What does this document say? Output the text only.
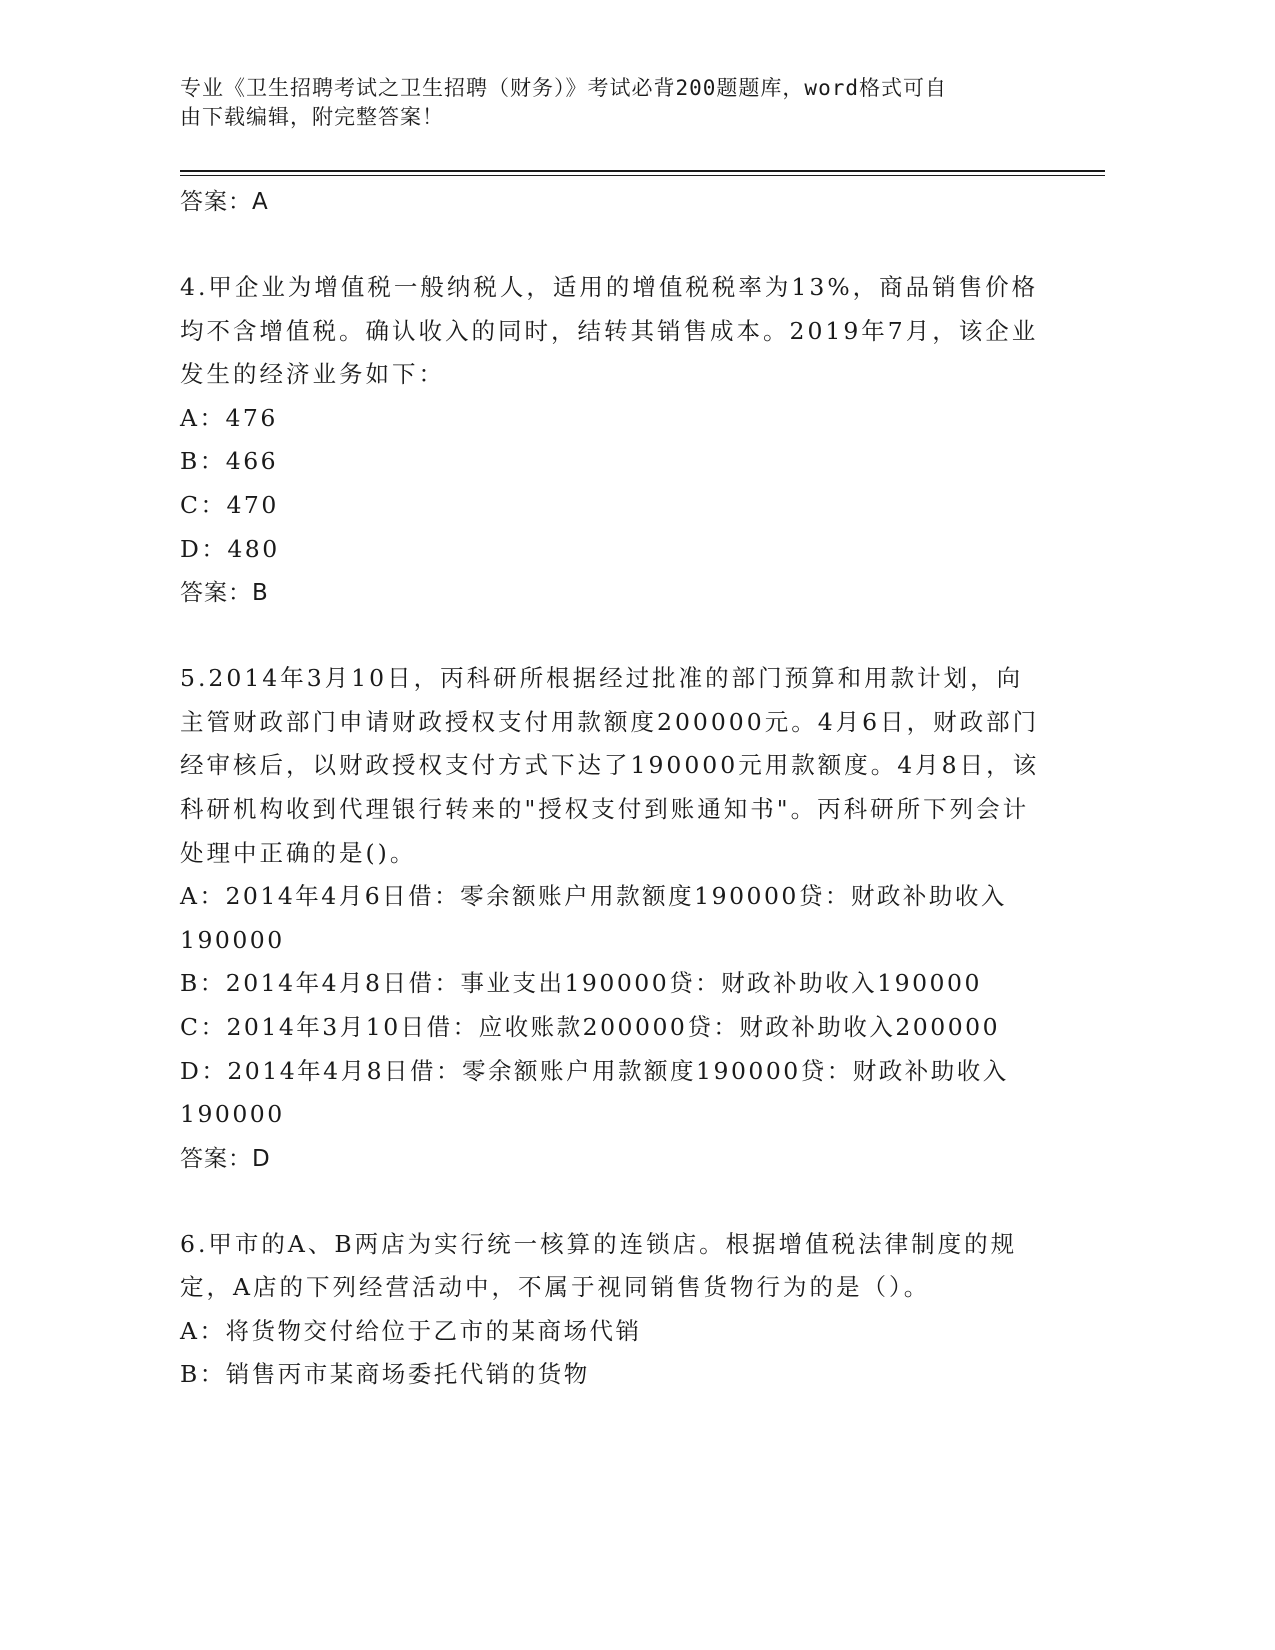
专业《卫生招聘考试之卫生招聘（财务）》考试必背200题题库，word格式可自
由下载编辑，附完整答案！
答案：A
4.甲企业为增值税一般纳税人，适用的增值税税率为13%，商品销售价格均不含增值税。确认收入的同时，结转其销售成本。2019年7月，该企业发生的经济业务如下：
A：476
B：466
C：470
D：480
答案：B
5.2014年3月10日，丙科研所根据经过批准的部门预算和用款计划，向主管财政部门申请财政授权支付用款额度200000元。4月6日，财政部门经审核后，以财政授权支付方式下达了190000元用款额度。4月8日，该科研机构收到代理银行转来的"授权支付到账通知书"。丙科研所下列会计处理中正确的是()。
A：2014年4月6日借：零余额账户用款额度190000贷：财政补助收入190000
B：2014年4月8日借：事业支出190000贷：财政补助收入190000
C：2014年3月10日借：应收账款200000贷：财政补助收入200000
D：2014年4月8日借：零余额账户用款额度190000贷：财政补助收入190000
答案：D
6.甲市的A、B两店为实行统一核算的连锁店。根据增值税法律制度的规定，A店的下列经营活动中，不属于视同销售货物行为的是（）。
A：将货物交付给位于乙市的某商场代销
B：销售丙市某商场委托代销的货物
